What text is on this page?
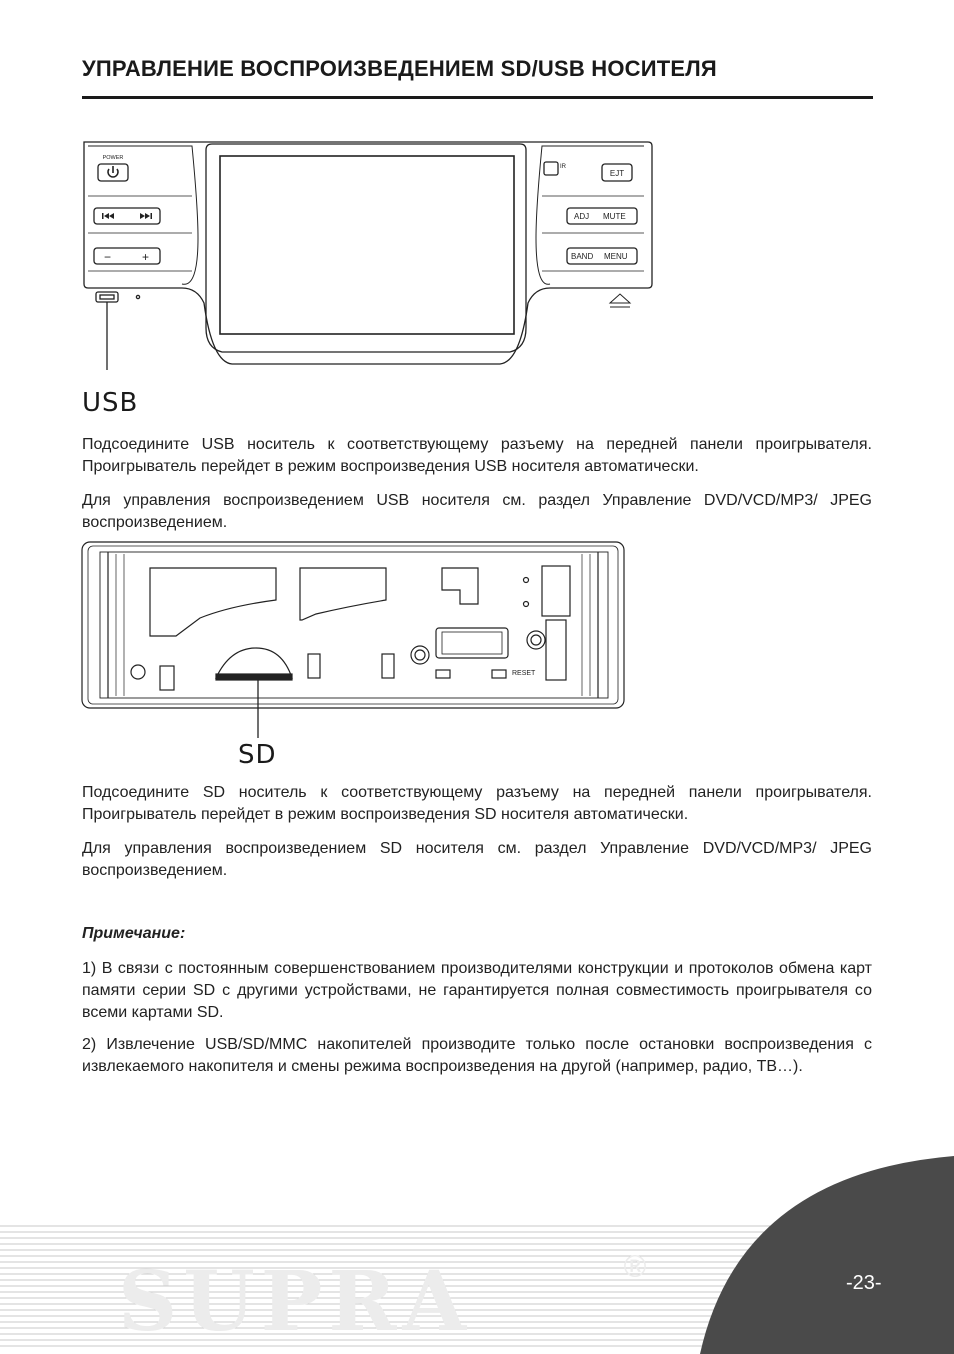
УПРАВЛЕНИЕ ВОСПРОИЗВЕДЕНИЕМ SD/USB НОСИТЕЛЯ
POWER
−	+
IR
EJT
ADJ MUTE
BAND MENU
USB
Подсоедините USB носитель к соответствующему разъему на передней панели проигрывателя. Проигрыватель перейдет в режим воспроизведения USB носителя автоматически.
Для управления воспроизведением USB носителя см. раздел Управление DVD/VCD/MP3/ JPEG воспроизведением.
RESET
SD
Подсоедините SD носитель к соответствующему разъему на передней панели проигрывателя. Проигрыватель перейдет в режим воспроизведения SD носителя автоматически.
Для управления воспроизведением SD носителя см. раздел Управление DVD/VCD/MP3/ JPEG воспроизведением.
Примечание:
1) В связи с постоянным совершенствованием производителями конструкции и протоколов обмена карт памяти серии SD с другими устройствами, не гарантируется полная совместимость проигрывателя со всеми картами SD.
2) Извлечение USB/SD/MMC накопителей производите только после остановки воспроизведения с извлекаемого накопителя и смены режима воспроизведения на другой (например, радио, ТВ…).
SUPRA	®	-23-
